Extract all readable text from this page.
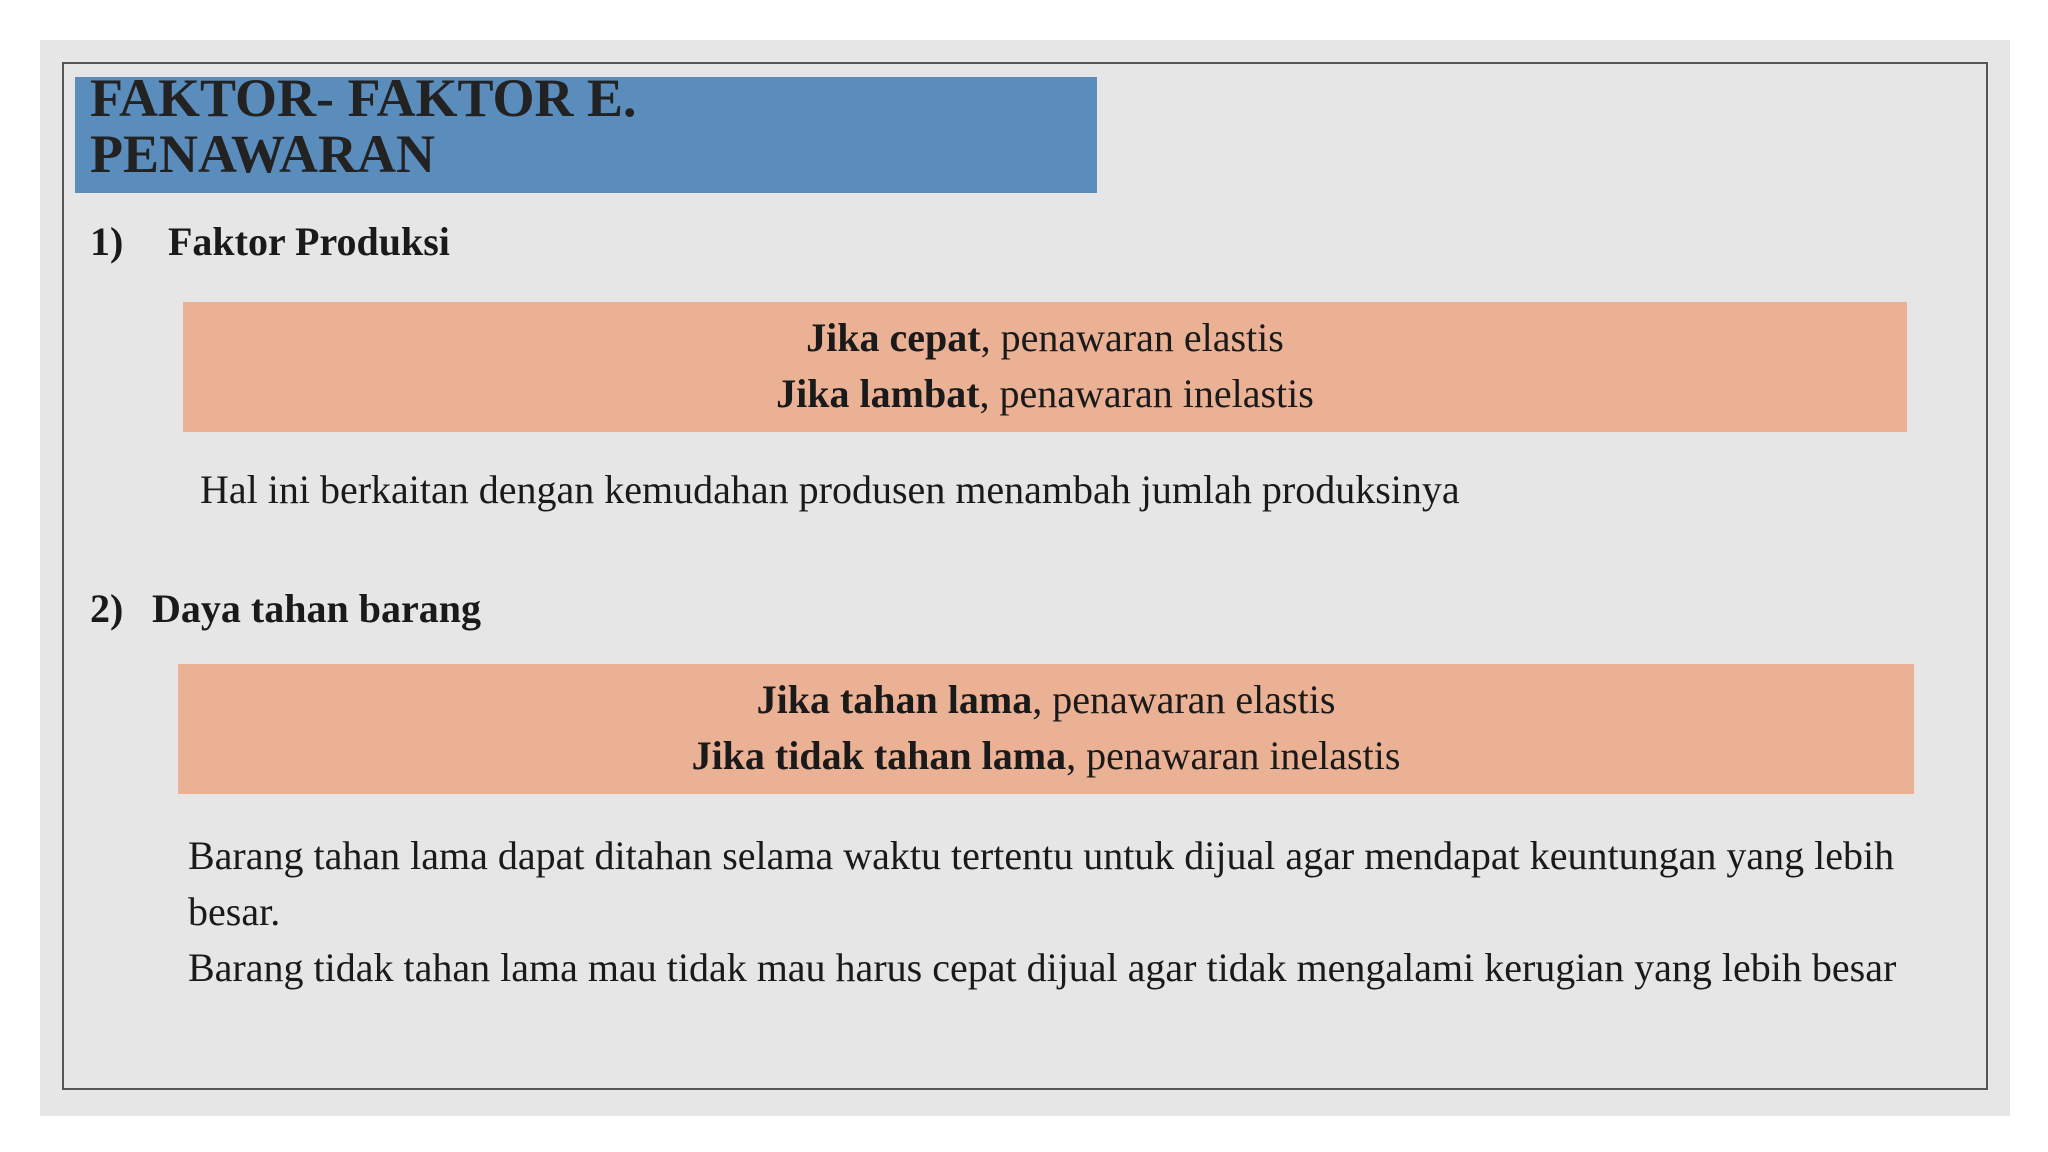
FAKTOR- FAKTOR E.
PENAWARAN
1) Faktor Produksi
Jika cepat, penawaran elastis
Jika lambat, penawaran inelastis
Hal ini berkaitan dengan kemudahan produsen menambah jumlah produksinya
2) Daya tahan barang
Jika tahan lama, penawaran elastis
Jika tidak tahan lama, penawaran inelastis

Barang tahan lama dapat ditahan selama waktu tertentu untuk dijual agar mendapat keuntungan yang lebih besar.

Barang tidak tahan lama mau tidak mau harus cepat dijual agar tidak mengalami kerugian yang lebih besar
